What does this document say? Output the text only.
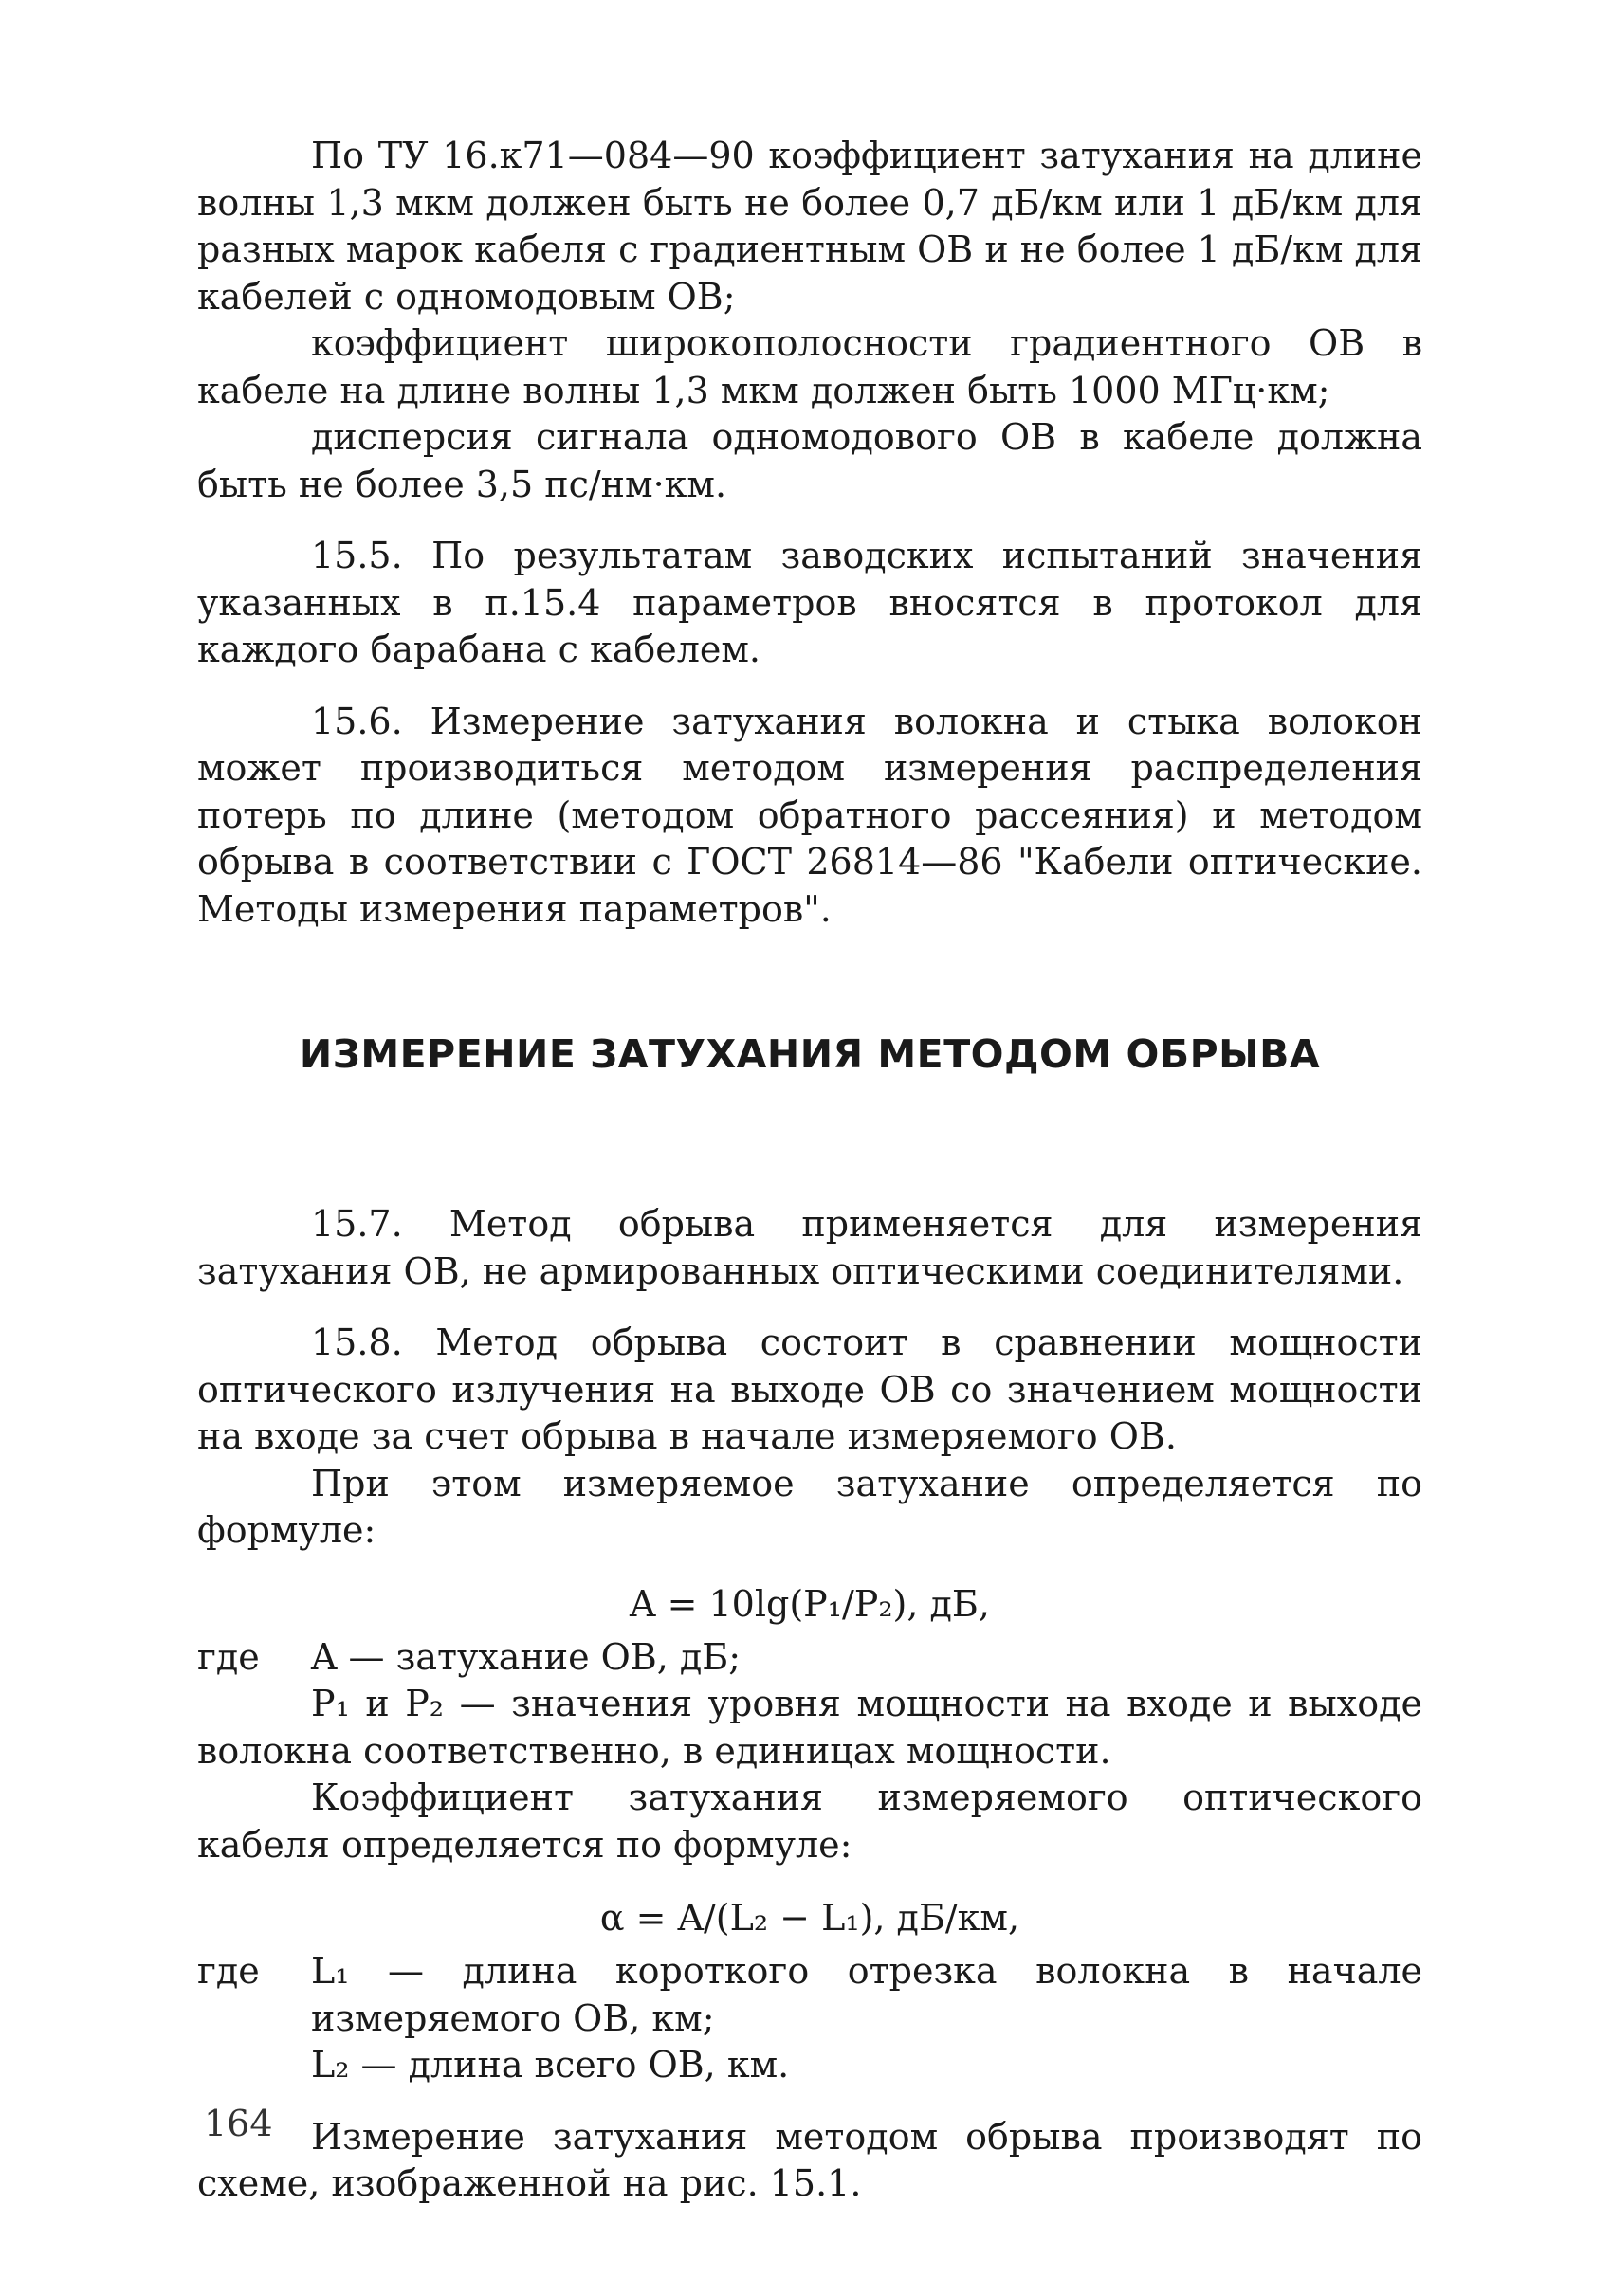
По ТУ 16.к71—084—90 коэффициент затухания на длине волны 1,3 мкм должен быть не более 0,7 дБ/км или 1 дБ/км для разных марок кабеля с градиентным ОВ и не более 1 дБ/км для кабелей с одномодовым ОВ;

коэффициент широкополосности градиентного ОВ в кабеле на длине волны 1,3 мкм должен быть 1000 МГц·км;

дисперсия сигнала одномодового ОВ в кабеле должна быть не более 3,5 пс/нм·км.

15.5. По результатам заводских испытаний значения указанных в п.15.4 параметров вносятся в протокол для каждого барабана с кабелем.

15.6. Измерение затухания волокна и стыка волокон может производиться методом измерения распределения потерь по длине (методом обратного рассеяния) и методом обрыва в соответствии с ГОСТ 26814—86 "Кабели оптические. Методы измерения параметров".

ИЗМЕРЕНИЕ ЗАТУХАНИЯ МЕТОДОМ ОБРЫВА

15.7. Метод обрыва применяется для измерения затухания ОВ, не армированных оптическими соединителями.

15.8. Метод обрыва состоит в сравнении мощности оптического излучения на выходе ОВ со значением мощности на входе за счет обрыва в начале измеряемого ОВ.

При этом измеряемое затухание определяется по формуле:

A = 10lg(P₁/P₂), дБ,
где	A — затухание ОВ, дБ;

P₁ и P₂ — значения уровня мощности на входе и выходе волокна соответственно, в единицах мощности.

Коэффициент затухания измеряемого оптического кабеля определяется по формуле:

α = A/(L₂ − L₁), дБ/км,
где	L₁ — длина короткого отрезка волокна в начале измеряемого ОВ, км;

L₂ — длина всего ОВ, км.

Измерение затухания методом обрыва производят по схеме, изображенной на рис. 15.1.

164
